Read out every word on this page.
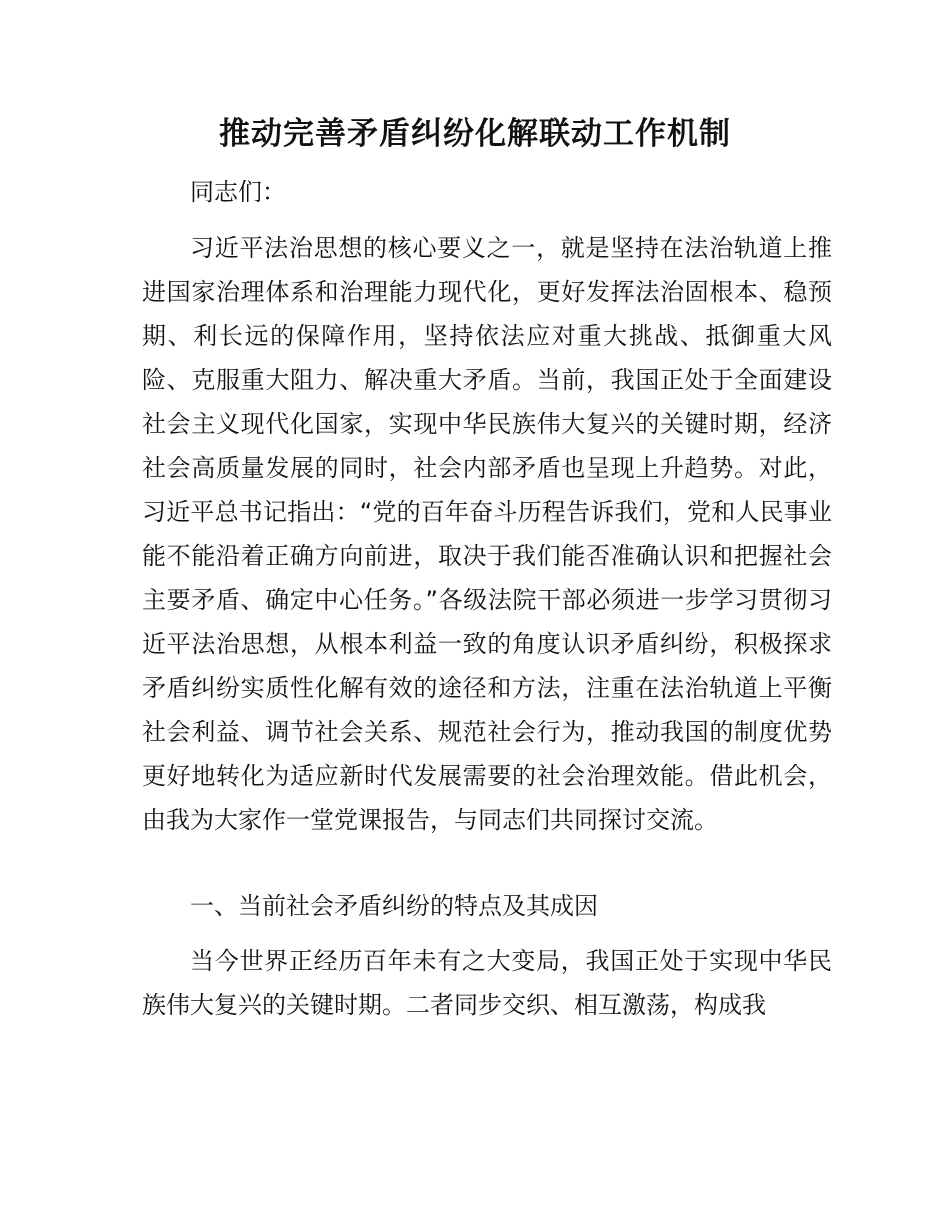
推动完善矛盾纠纷化解联动工作机制

同志们：

习近平法治思想的核心要义之一，就是坚持在法治轨道上推进国家治理体系和治理能力现代化，更好发挥法治固根本、稳预期、利长远的保障作用，坚持依法应对重大挑战、抵御重大风险、克服重大阻力、解决重大矛盾。当前，我国正处于全面建设社会主义现代化国家，实现中华民族伟大复兴的关键时期，经济社会高质量发展的同时，社会内部矛盾也呈现上升趋势。对此，习近平总书记指出：“党的百年奋斗历程告诉我们，党和人民事业能不能沿着正确方向前进，取决于我们能否准确认识和把握社会主要矛盾、确定中心任务。”各级法院干部必须进一步学习贯彻习近平法治思想，从根本利益一致的角度认识矛盾纠纷，积极探求矛盾纠纷实质性化解有效的途径和方法，注重在法治轨道上平衡社会利益、调节社会关系、规范社会行为，推动我国的制度优势更好地转化为适应新时代发展需要的社会治理效能。借此机会，由我为大家作一堂党课报告，与同志们共同探讨交流。

一、当前社会矛盾纠纷的特点及其成因

当今世界正经历百年未有之大变局，我国正处于实现中华民族伟大复兴的关键时期。二者同步交织、相互激荡，构成我
